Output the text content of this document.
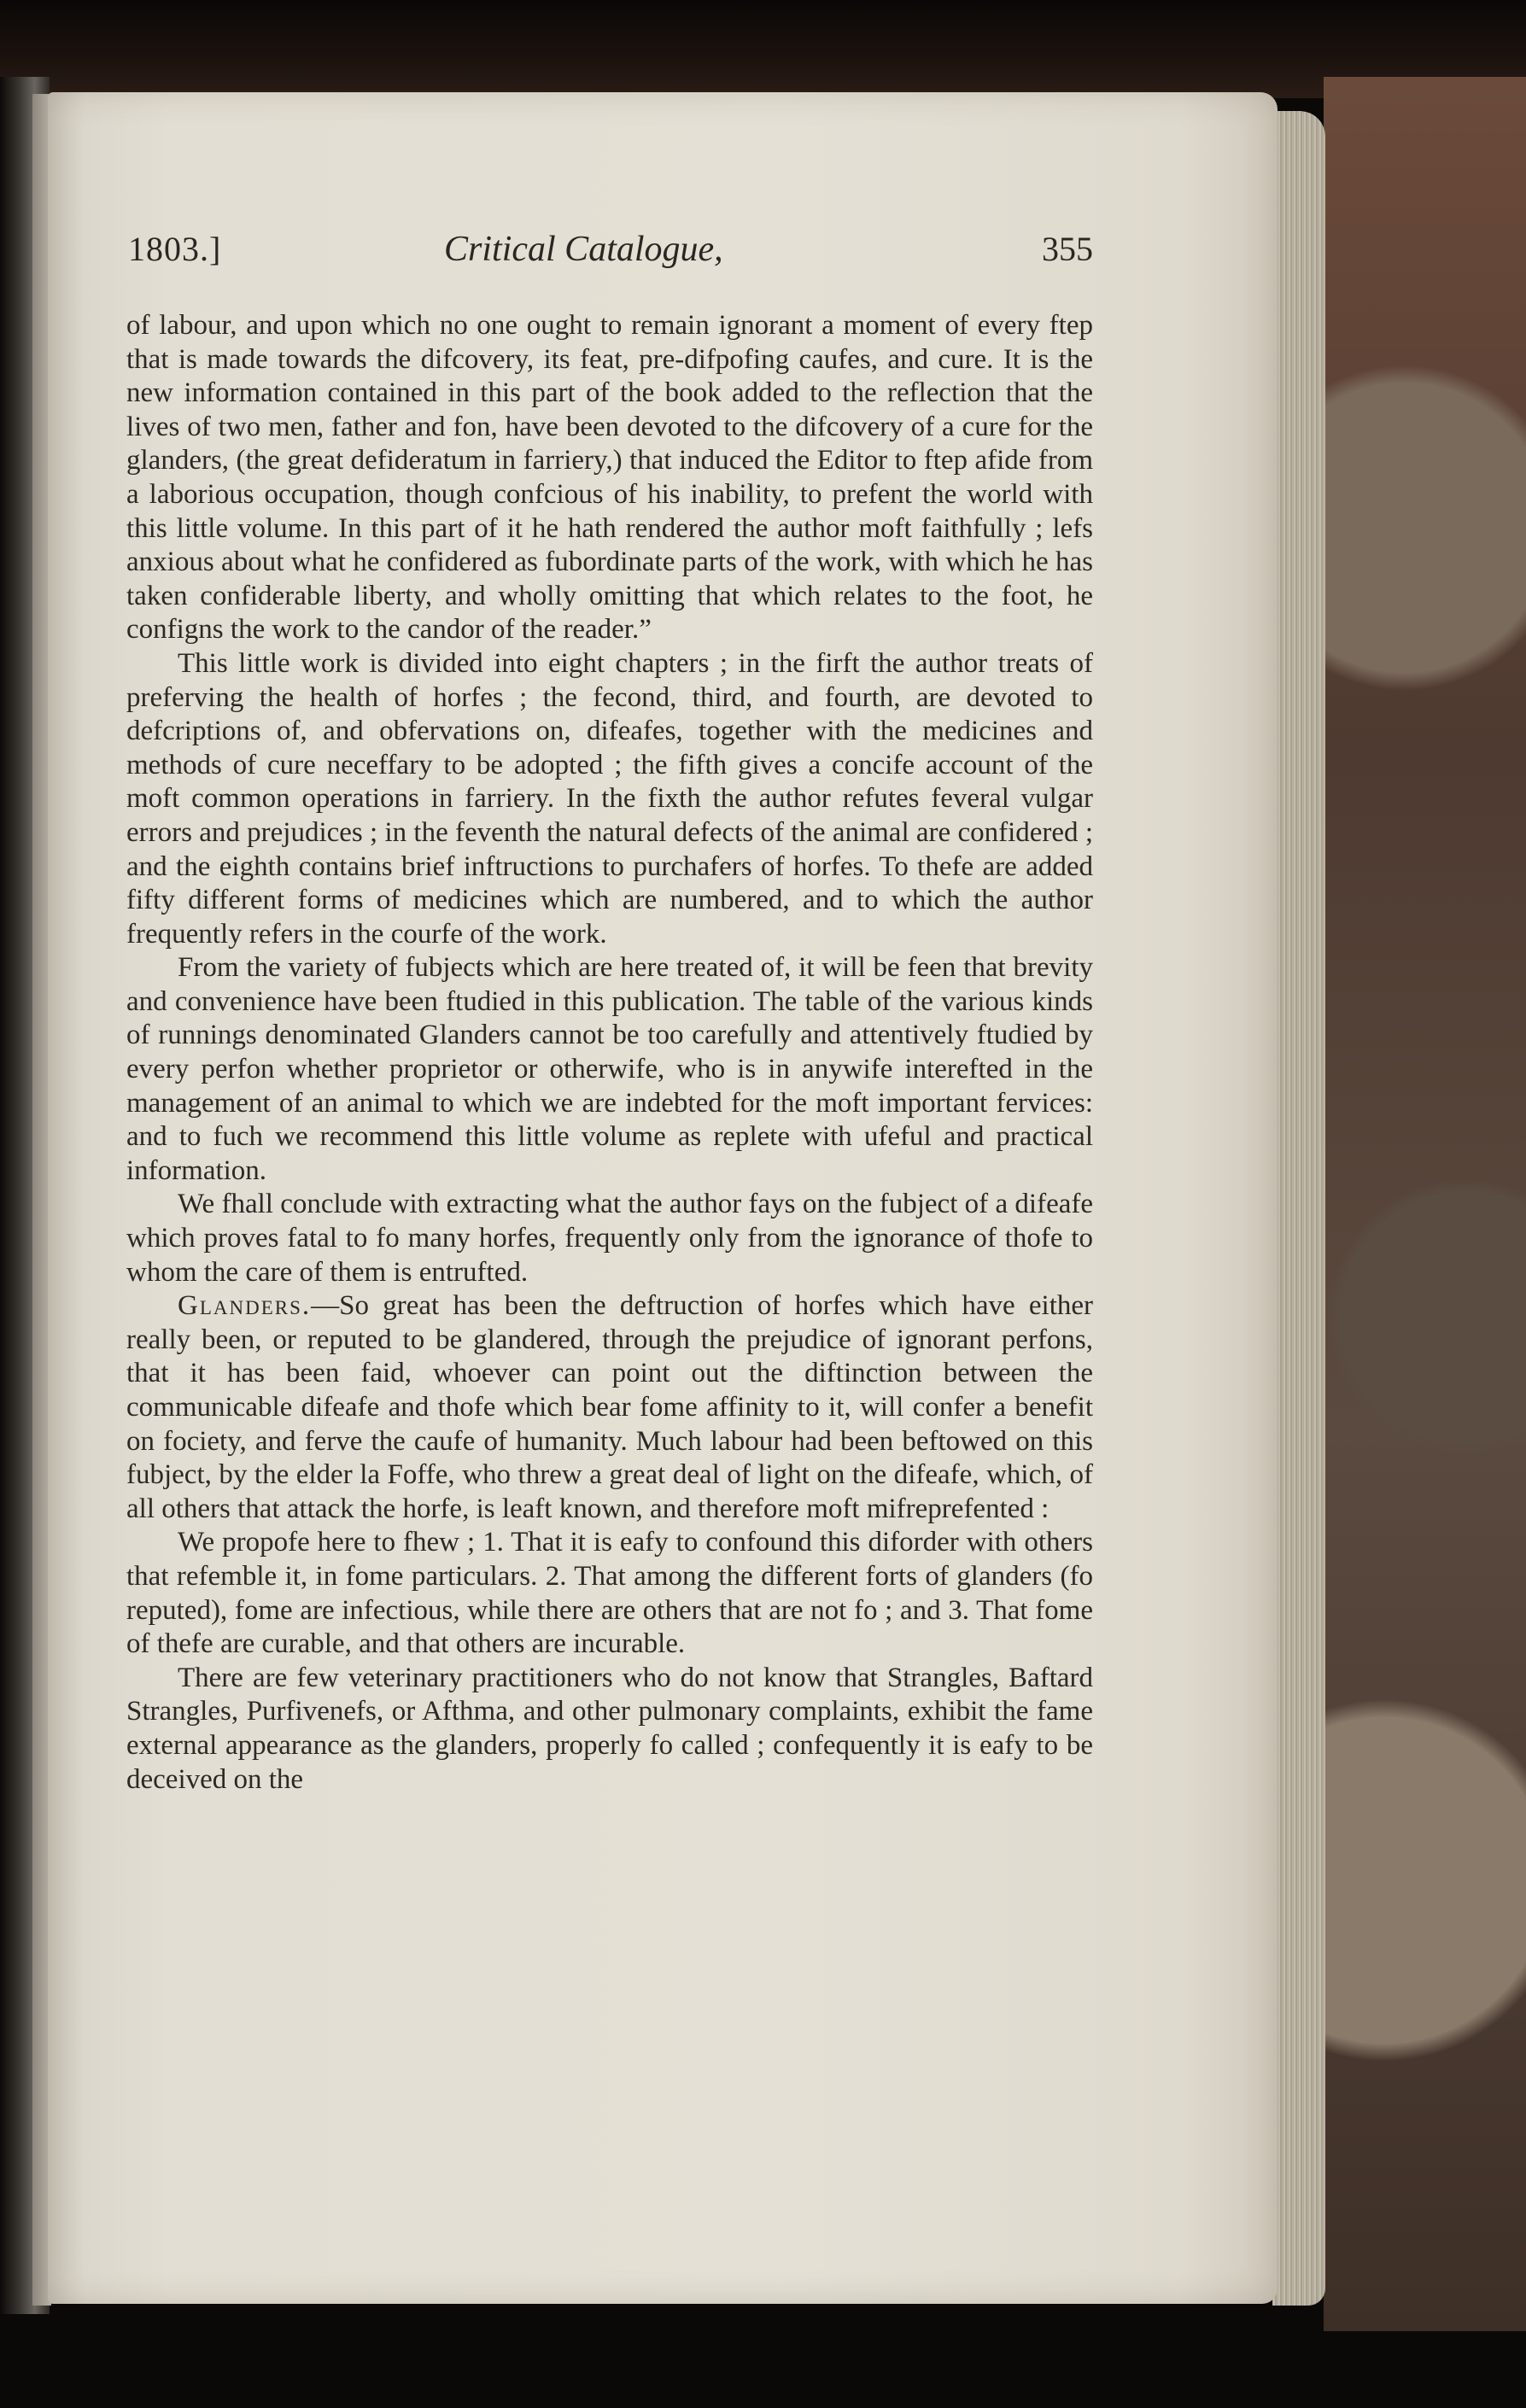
1803.]	Critical Catalogue,	355

of labour, and upon which no one ought to remain ignorant a moment of every ftep that is made towards the difcovery, its feat, pre-difpofing caufes, and cure. It is the new information contained in this part of the book added to the reflection that the lives of two men, father and fon, have been devoted to the difcovery of a cure for the glanders, (the great defideratum in farriery,) that induced the Editor to ftep afide from a laborious occupation, though confcious of his inability, to prefent the world with this little volume. In this part of it he hath rendered the author moft faithfully ; lefs anxious about what he confidered as fubordinate parts of the work, with which he has taken confiderable liberty, and wholly omitting that which relates to the foot, he configns the work to the candor of the reader.”

This little work is divided into eight chapters ; in the firft the author treats of preferving the health of horfes ; the fecond, third, and fourth, are devoted to defcriptions of, and obfervations on, difeafes, together with the medicines and methods of cure neceffary to be adopted ; the fifth gives a concife account of the moft common operations in farriery. In the fixth the author refutes feveral vulgar errors and prejudices ; in the feventh the natural defects of the animal are confidered ; and the eighth contains brief inftructions to purchafers of horfes. To thefe are added fifty different forms of medicines which are numbered, and to which the author frequently refers in the courfe of the work.

From the variety of fubjects which are here treated of, it will be feen that brevity and convenience have been ftudied in this publication. The table of the various kinds of runnings denominated Glanders cannot be too carefully and attentively ftudied by every perfon whether proprietor or otherwife, who is in anywife interefted in the management of an animal to which we are indebted for the moft important fervices: and to fuch we recommend this little volume as replete with ufeful and practical information.

We fhall conclude with extracting what the author fays on the fubject of a difeafe which proves fatal to fo many horfes, frequently only from the ignorance of thofe to whom the care of them is entrufted.

Glanders.—So great has been the deftruction of horfes which have either really been, or reputed to be glandered, through the prejudice of ignorant perfons, that it has been faid, whoever can point out the diftinction between the communicable difeafe and thofe which bear fome affinity to it, will confer a benefit on fociety, and ferve the caufe of humanity. Much labour had been beftowed on this fubject, by the elder la Foffe, who threw a great deal of light on the difeafe, which, of all others that attack the horfe, is leaft known, and therefore moft mifreprefented :

We propofe here to fhew ; 1. That it is eafy to confound this diforder with others that refemble it, in fome particulars. 2. That among the different forts of glanders (fo reputed), fome are infectious, while there are others that are not fo ; and 3. That fome of thefe are curable, and that others are incurable.

There are few veterinary practitioners who do not know that Strangles, Baftard Strangles, Purfivenefs, or Afthma, and other pulmonary complaints, exhibit the fame external appearance as the glanders, properly fo called ; confequently it is eafy to be deceived on the
